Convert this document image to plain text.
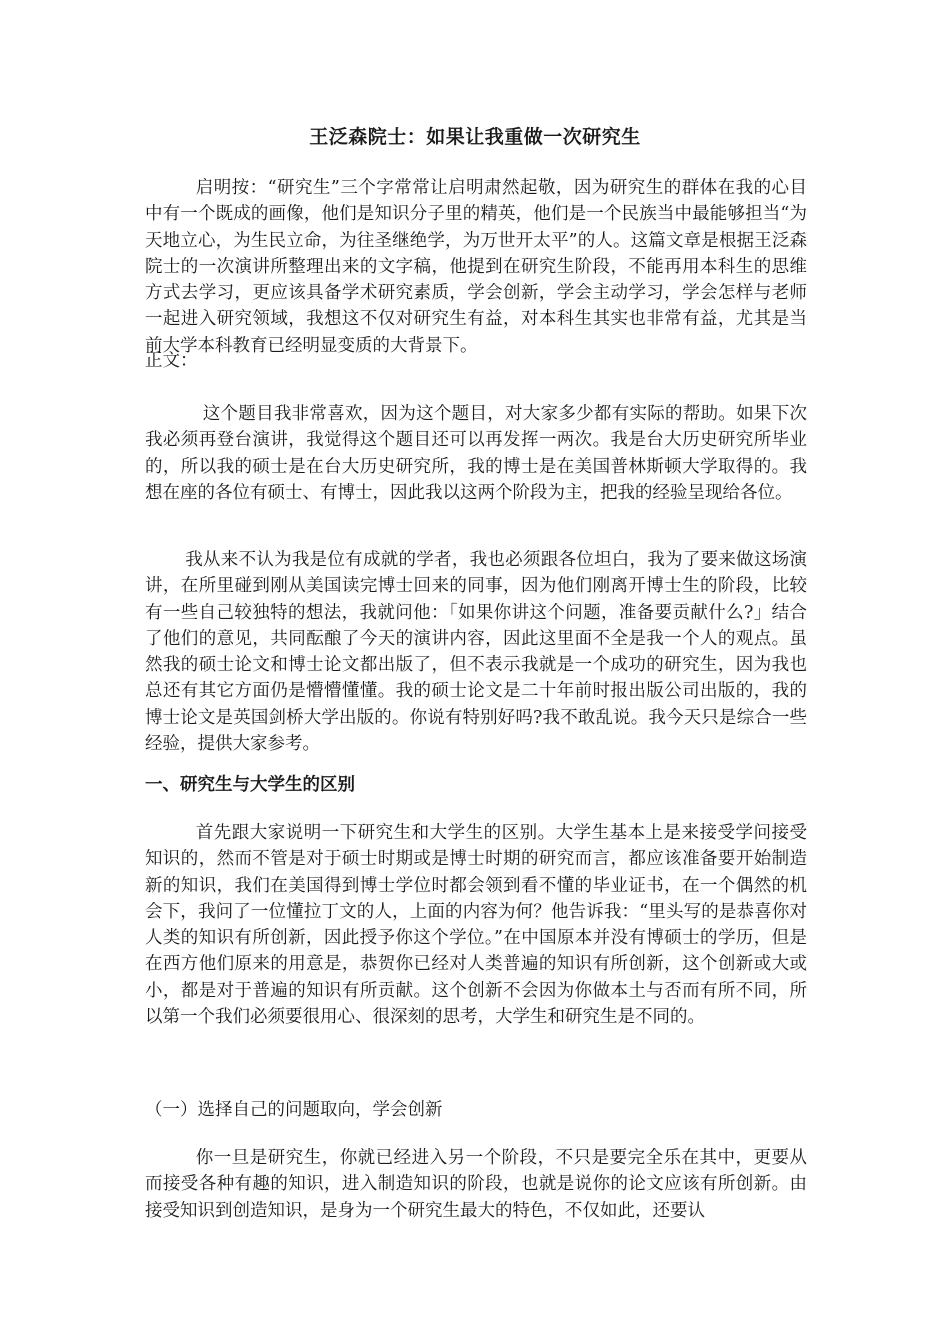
王泛森院士：如果让我重做一次研究生

启明按：“研究生”三个字常常让启明肃然起敬，因为研究生的群体在我的心目中有一个既成的画像，他们是知识分子里的精英，他们是一个民族当中最能够担当“为天地立心，为生民立命，为往圣继绝学，为万世开太平”的人。这篇文章是根据王泛森院士的一次演讲所整理出来的文字稿，他提到在研究生阶段，不能再用本科生的思维方式去学习，更应该具备学术研究素质，学会创新，学会主动学习，学会怎样与老师一起进入研究领域，我想这不仅对研究生有益，对本科生其实也非常有益，尤其是当前大学本科教育已经明显变质的大背景下。

正文：

这个题目我非常喜欢，因为这个题目，对大家多少都有实际的帮助。如果下次我必须再登台演讲，我觉得这个题目还可以再发挥一两次。我是台大历史研究所毕业的，所以我的硕士是在台大历史研究所，我的博士是在美国普林斯顿大学取得的。我想在座的各位有硕士、有博士，因此我以这两个阶段为主，把我的经验呈现给各位。

我从来不认为我是位有成就的学者，我也必须跟各位坦白，我为了要来做这场演讲，在所里碰到刚从美国读完博士回来的同事，因为他们刚离开博士生的阶段，比较有一些自己较独特的想法，我就问他：「如果你讲这个问题，准备要贡献什么?」结合了他们的意见，共同酝酿了今天的演讲内容，因此这里面不全是我一个人的观点。虽然我的硕士论文和博士论文都出版了，但不表示我就是一个成功的研究生，因为我也总还有其它方面仍是懵懵懂懂。我的硕士论文是二十年前时报出版公司出版的，我的博士论文是英国剑桥大学出版的。你说有特别好吗?我不敢乱说。我今天只是综合一些经验，提供大家参考。

一、研究生与大学生的区别

首先跟大家说明一下研究生和大学生的区别。大学生基本上是来接受学问接受知识的，然而不管是对于硕士时期或是博士时期的研究而言，都应该准备要开始制造新的知识，我们在美国得到博士学位时都会领到看不懂的毕业证书，在一个偶然的机会下，我问了一位懂拉丁文的人，上面的内容为何？他告诉我：“里头写的是恭喜你对人类的知识有所创新，因此授予你这个学位。”在中国原本并没有博硕士的学历，但是在西方他们原来的用意是，恭贺你已经对人类普遍的知识有所创新，这个创新或大或小，都是对于普遍的知识有所贡献。这个创新不会因为你做本土与否而有所不同，所以第一个我们必须要很用心、很深刻的思考，大学生和研究生是不同的。

（一）选择自己的问题取向，学会创新

你一旦是研究生，你就已经进入另一个阶段，不只是要完全乐在其中，更要从而接受各种有趣的知识，进入制造知识的阶段，也就是说你的论文应该有所创新。由接受知识到创造知识，是身为一个研究生最大的特色，不仅如此，还要认
